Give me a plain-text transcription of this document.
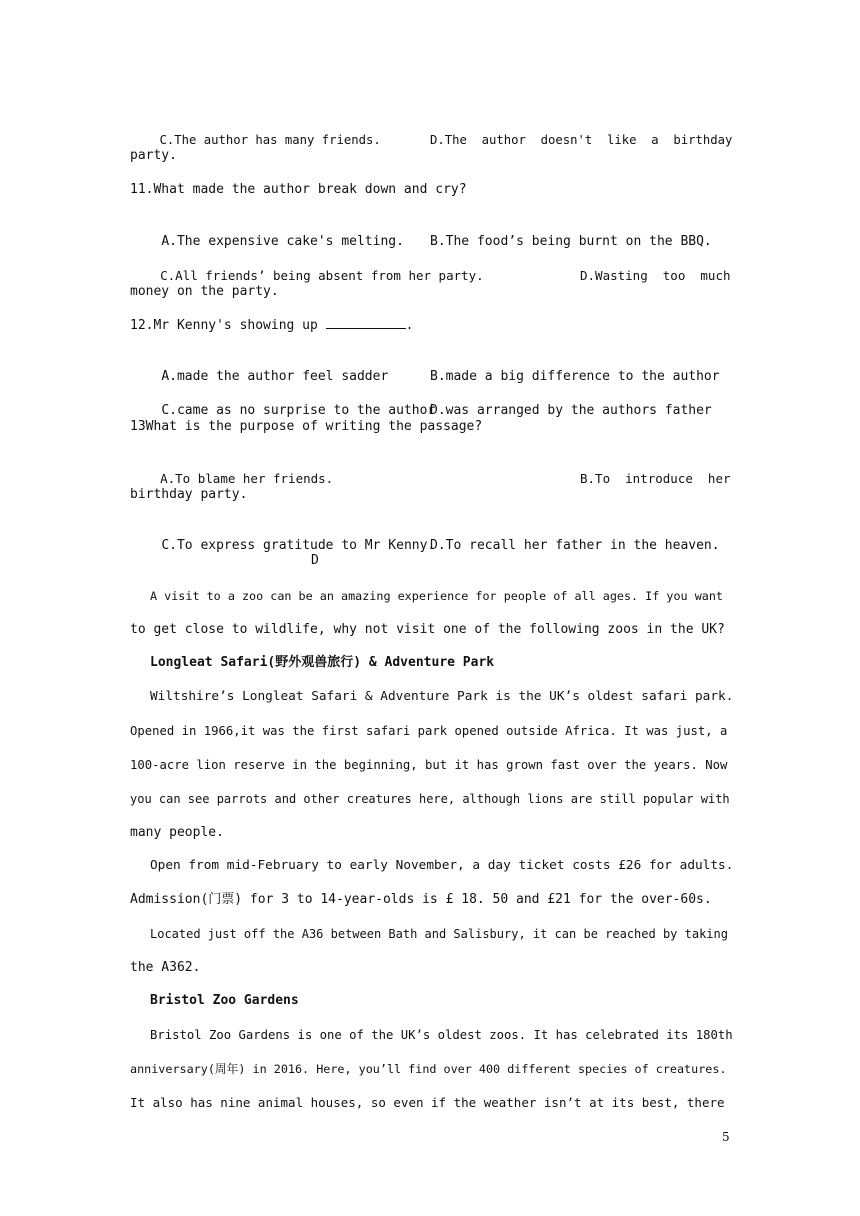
C.The author has many friends.	D.The  author  doesn't  like  a  birthday

party.
11.What made the author break down and cry?

A.The expensive cake's melting. B.The food’s being burnt on the BBQ.

C.All friends’ being absent from her party.	D.Wasting  too  much

money on the party.
12.Mr Kenny's showing up	.

A.made the author feel sadder	B.made a big difference to the author

C.came as no surprise to the author
D.was arranged by the authors father

13What is the purpose of writing the passage?

A.To blame her friends.	B.To  introduce  her

birthday party.

C.To express gratitude to Mr Kenny.
D.To recall her father in the heaven.

D
A visit to a zoo can be an amazing experience for people of all ages. If you want
to get close to wildlife, why not visit one of the following zoos in the UK?
Longleat Safari(野外观兽旅行) & Adventure Park
Wiltshire’s Longleat Safari & Adventure Park is the UK’s oldest safari park.
Opened in 1966,it was the first safari park opened outside Africa. It was just, a
100-acre lion reserve in the beginning, but it has grown fast over the years. Now
you can see parrots and other creatures here, although lions are still popular with
many people.
Open from mid-February to early November, a day ticket costs £26 for adults.
Admission(门票) for 3 to 14-year-olds is £ 18. 50 and £21 for the over-60s.
Located just off the A36 between Bath and Salisbury, it can be reached by taking
the A362.
Bristol Zoo Gardens
Bristol Zoo Gardens is one of the UK’s oldest zoos. It has celebrated its 180th
anniversary(周年) in 2016. Here, you’ll find over 400 different species of creatures.
It also has nine animal houses, so even if the weather isn’t at its best, there
5
